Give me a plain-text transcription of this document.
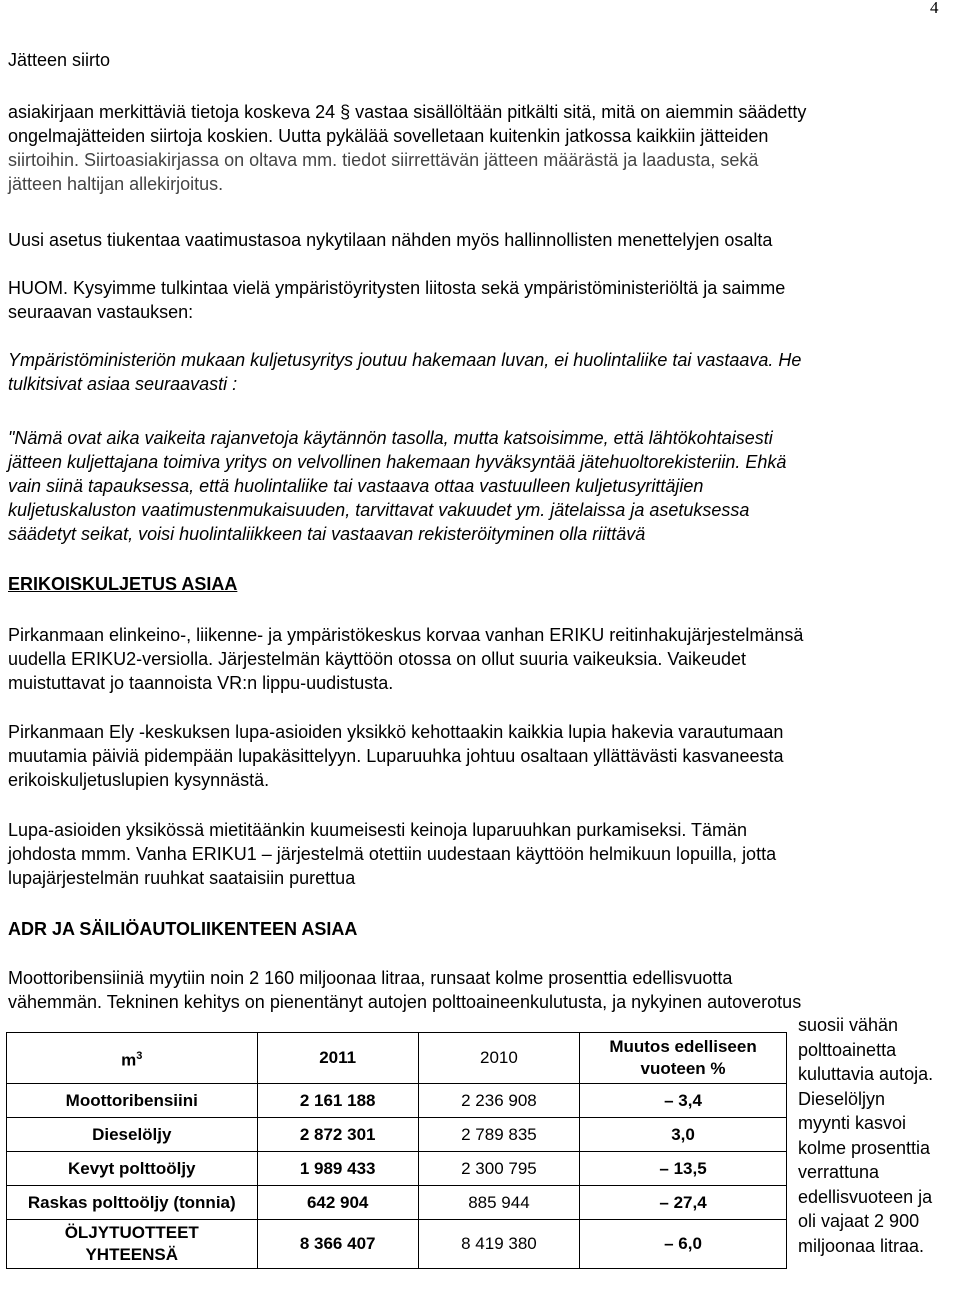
4
Jätteen siirto

asiakirjaan merkittäviä tietoja koskeva 24 § vastaa sisällöltään pitkälti sitä, mitä on aiemmin säädetty

ongelmajätteiden siirtoja koskien. Uutta pykälää sovelletaan kuitenkin jatkossa kaikkiin jätteiden

siirtoihin. Siirtoasiakirjassa on oltava mm. tiedot siirrettävän jätteen määrästä ja laadusta, sekä

jätteen haltijan allekirjoitus.

Uusi asetus tiukentaa vaatimustasoa nykytilaan nähden myös hallinnollisten menettelyjen osalta

HUOM. Kysyimme tulkintaa vielä ympäristöyritysten liitosta sekä ympäristöministeriöltä ja saimme

seuraavan vastauksen:

Ympäristöministeriön mukaan kuljetusyritys joutuu hakemaan luvan, ei huolintaliike tai vastaava. He

tulkitsivat asiaa seuraavasti :

"Nämä ovat aika vaikeita rajanvetoja käytännön tasolla, mutta katsoisimme, että lähtökohtaisesti

jätteen kuljettajana toimiva yritys on velvollinen hakemaan hyväksyntää jätehuoltorekisteriin. Ehkä

vain siinä tapauksessa, että huolintaliike tai vastaava ottaa vastuulleen kuljetusyrittäjien

kuljetuskaluston vaatimustenmukaisuuden, tarvittavat vakuudet ym. jätelaissa ja asetuksessa

säädetyt seikat, voisi huolintaliikkeen tai vastaavan rekisteröityminen olla riittävä

ERIKOISKULJETUS ASIAA

Pirkanmaan elinkeino-, liikenne- ja ympäristökeskus korvaa vanhan ERIKU reitinhakujärjestelmänsä

uudella ERIKU2-versiolla. Järjestelmän käyttöön otossa on ollut suuria vaikeuksia. Vaikeudet

muistuttavat jo taannoista VR:n lippu-uudistusta.

Pirkanmaan Ely -keskuksen lupa-asioiden yksikkö kehottaakin kaikkia lupia hakevia varautumaan

muutamia päiviä pidempään lupakäsittelyyn. Luparuuhka johtuu osaltaan yllättävästi kasvaneesta

erikoiskuljetuslupien kysynnästä.

Lupa-asioiden yksikössä mietitäänkin kuumeisesti keinoja luparuuhkan purkamiseksi. Tämän

johdosta mmm. Vanha ERIKU1 – järjestelmä otettiin uudestaan käyttöön helmikuun lopuilla, jotta

lupajärjestelmän ruuhkat saataisiin purettua

ADR JA SÄILIÖAUTOLIIKENTEEN ASIAA

Moottoribensiiniä myytiin noin 2 160 miljoonaa litraa, runsaat kolme prosenttia edellisvuotta

vähemmän. Tekninen kehitys on pienentänyt autojen polttoaineenkulutusta, ja nykyinen autoverotus

suosii vähän

polttoainetta

kuluttavia autoja.

Dieselöljyn

myynti kasvoi

kolme prosenttia

verrattuna

edellisvuoteen ja

oli vajaat 2 900

miljoonaa litraa.

$m^3$	2011	2010	Muutos edelliseen
vuoteen %

Moottoribensiini	2 161 188	2 236 908	– 3,4
Dieselöljy	2 872 301	2 789 835	3,0
Kevyt polttoöljy	1 989 433	2 300 795	– 13,5
Raskas polttoöljy (tonnia)	642 904	885 944	– 27,4

ÖLJYTUOTTEET
YHTEENSÄ	8 366 407	8 419 380	– 6,0
